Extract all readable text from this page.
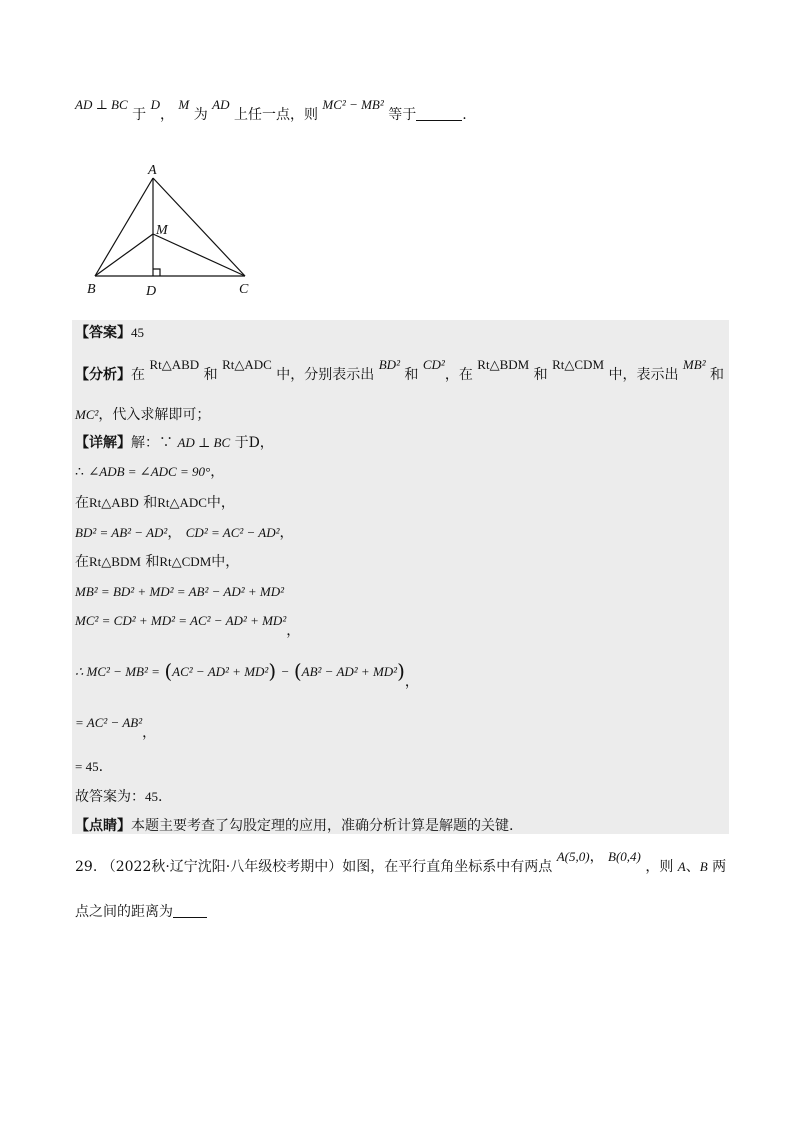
AD ⊥ BC 于 D， M 为 AD 上任一点，则 MC² − MB² 等于	.
A
M
B	D	C
【答案】45
【分析】在 Rt△ABD 和 Rt△ADC 中，分别表示出 BD² 和 CD²，在 Rt△BDM 和 Rt△CDM 中，表示出 MB² 和
MC²，代入求解即可；
【详解】解：∵ AD ⊥ BC 于D，
∴ ∠ADB = ∠ADC = 90°，
在Rt△ABD 和Rt△ADC中，
BD² = AB² − AD²， CD² = AC² − AD²，
在Rt△BDM 和Rt△CDM中，
MB² = BD² + MD² = AB² − AD² + MD²
MC² = CD² + MD² = AC² − AD² + MD²，
∴ MC² − MB² = (AC² − AD² + MD²) − (AB² − AD² + MD²)，
= AC² − AB²，
= 45.
故答案为：45.
【点睛】本题主要考查了勾股定理的应用，准确分析计算是解题的关键.
29. （2022秋·辽宁沈阳·八年级校考期中）如图，在平行直角坐标系中有两点 A(5,0)， B(0,4) ，则 A、B 两
点之间的距离为
